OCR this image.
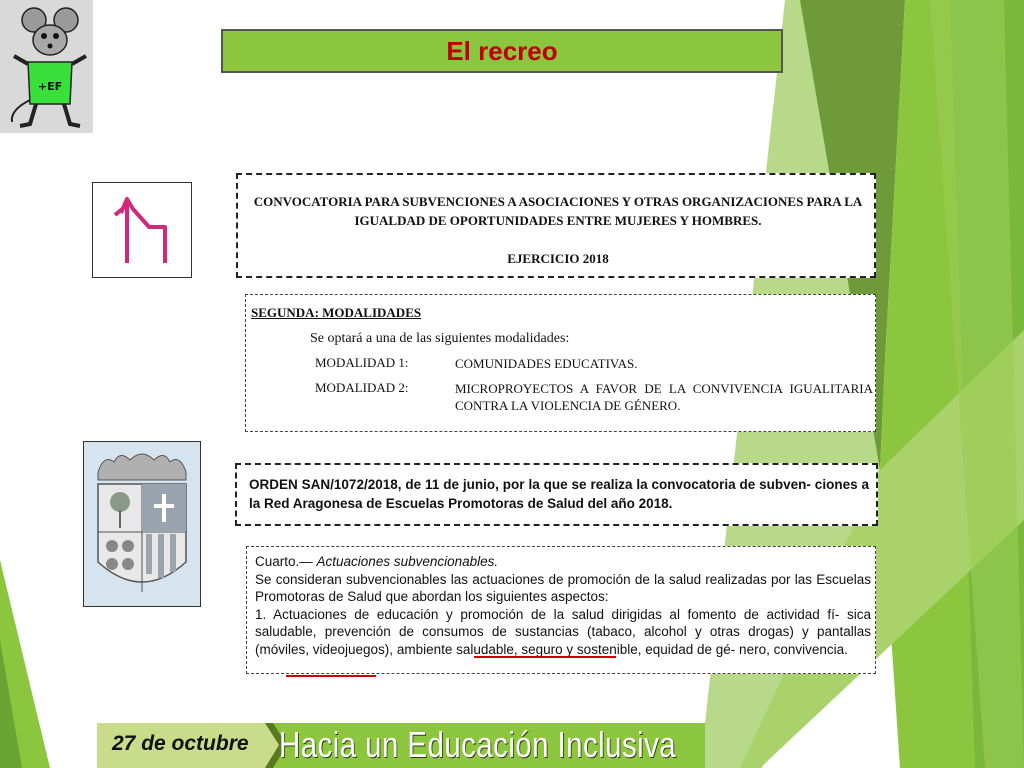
+EF
El recreo
CONVOCATORIA PARA SUBVENCIONES A ASOCIACIONES Y OTRAS ORGANIZACIONES PARA LA IGUALDAD DE OPORTUNIDADES ENTRE MUJERES Y HOMBRES.
EJERCICIO 2018
SEGUNDA: MODALIDADES
Se optará a una de las siguientes modalidades:
MODALIDAD 1:	COMUNIDADES EDUCATIVAS.
MODALIDAD 2:	MICROPROYECTOS A FAVOR DE LA CONVIVENCIA IGUALITARIA CONTRA LA VIOLENCIA DE GÉNERO.
ORDEN SAN/1072/2018, de 11 de junio, por la que se realiza la convocatoria de subven- ciones a la Red Aragonesa de Escuelas Promotoras de Salud del año 2018.

Cuarto.— Actuaciones subvencionables.

Se consideran subvencionables las actuaciones de promoción de la salud realizadas por las Escuelas Promotoras de Salud que abordan los siguientes aspectos:

1. Actuaciones de educación y promoción de la salud dirigidas al fomento de actividad fí- sica saludable, prevención de consumos de sustancias (tabaco, alcohol y otras drogas) y pantallas (móviles, videojuegos), ambiente saludable, seguro y sostenible, equidad de gé- nero, convivencia.

27 de octubre Hacia un Educación Inclusiva
